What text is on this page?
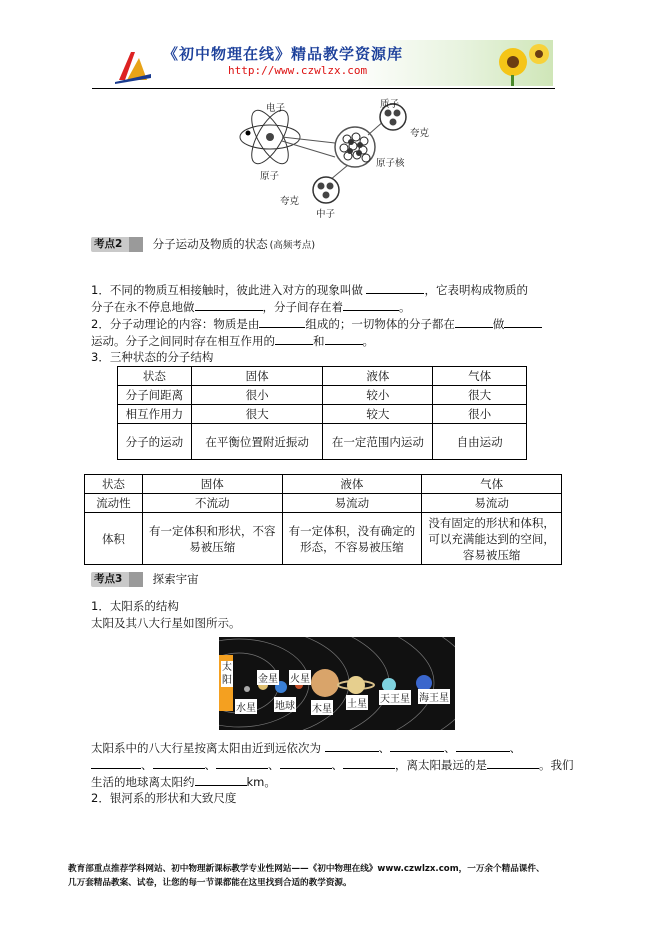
《初中物理在线》精品教学资源库
http://www.czwlzx.com
电子
原子
质子
夸克
原子核
夸克
中子
考点2	分子运动及物质的状态 (高频考点)
1．不同的物质互相接触时，彼此进入对方的现象叫做	，它表明构成物质的
分子在永不停息地做	，分子间存在着	。
2．分子动理论的内容：物质是由	组成的；一切物体的分子都在	做
运动。分子之间同时存在相互作用的	和	。
3．三种状态的分子结构
状态	固体	液体	气体
分子间距离	很小	较小	很大
相互作用力	很大	较大	很小
分子的运动	在平衡位置附近振动	在一定范围内运动	自由运动
状态	固体	液体	气体
流动性	不流动	易流动	易流动
体积	有一定体积和形状，不容易被压缩	有一定体积，没有确定的形态，不容易被压缩	没有固定的形状和体积，可以充满能达到的空间，容易被压缩
考点3	探索宇宙
1．太阳系的结构
太阳及其八大行星如图所示。
太阳	金星 火星
水星 地球 木星 土星 天王星 海王星
太阳系中的八大行星按离太阳由近到远依次为	、	、	、
、	、	、	、	，离太阳最远的是	。我们
生活的地球离太阳约	km。
2．银河系的形状和大致尺度
教育部重点推荐学科网站、初中物理新课标教学专业性网站——《初中物理在线》www.czwlzx.com，一万余个精品课件、
几万套精品教案、试卷，让您的每一节课都能在这里找到合适的教学资源。
